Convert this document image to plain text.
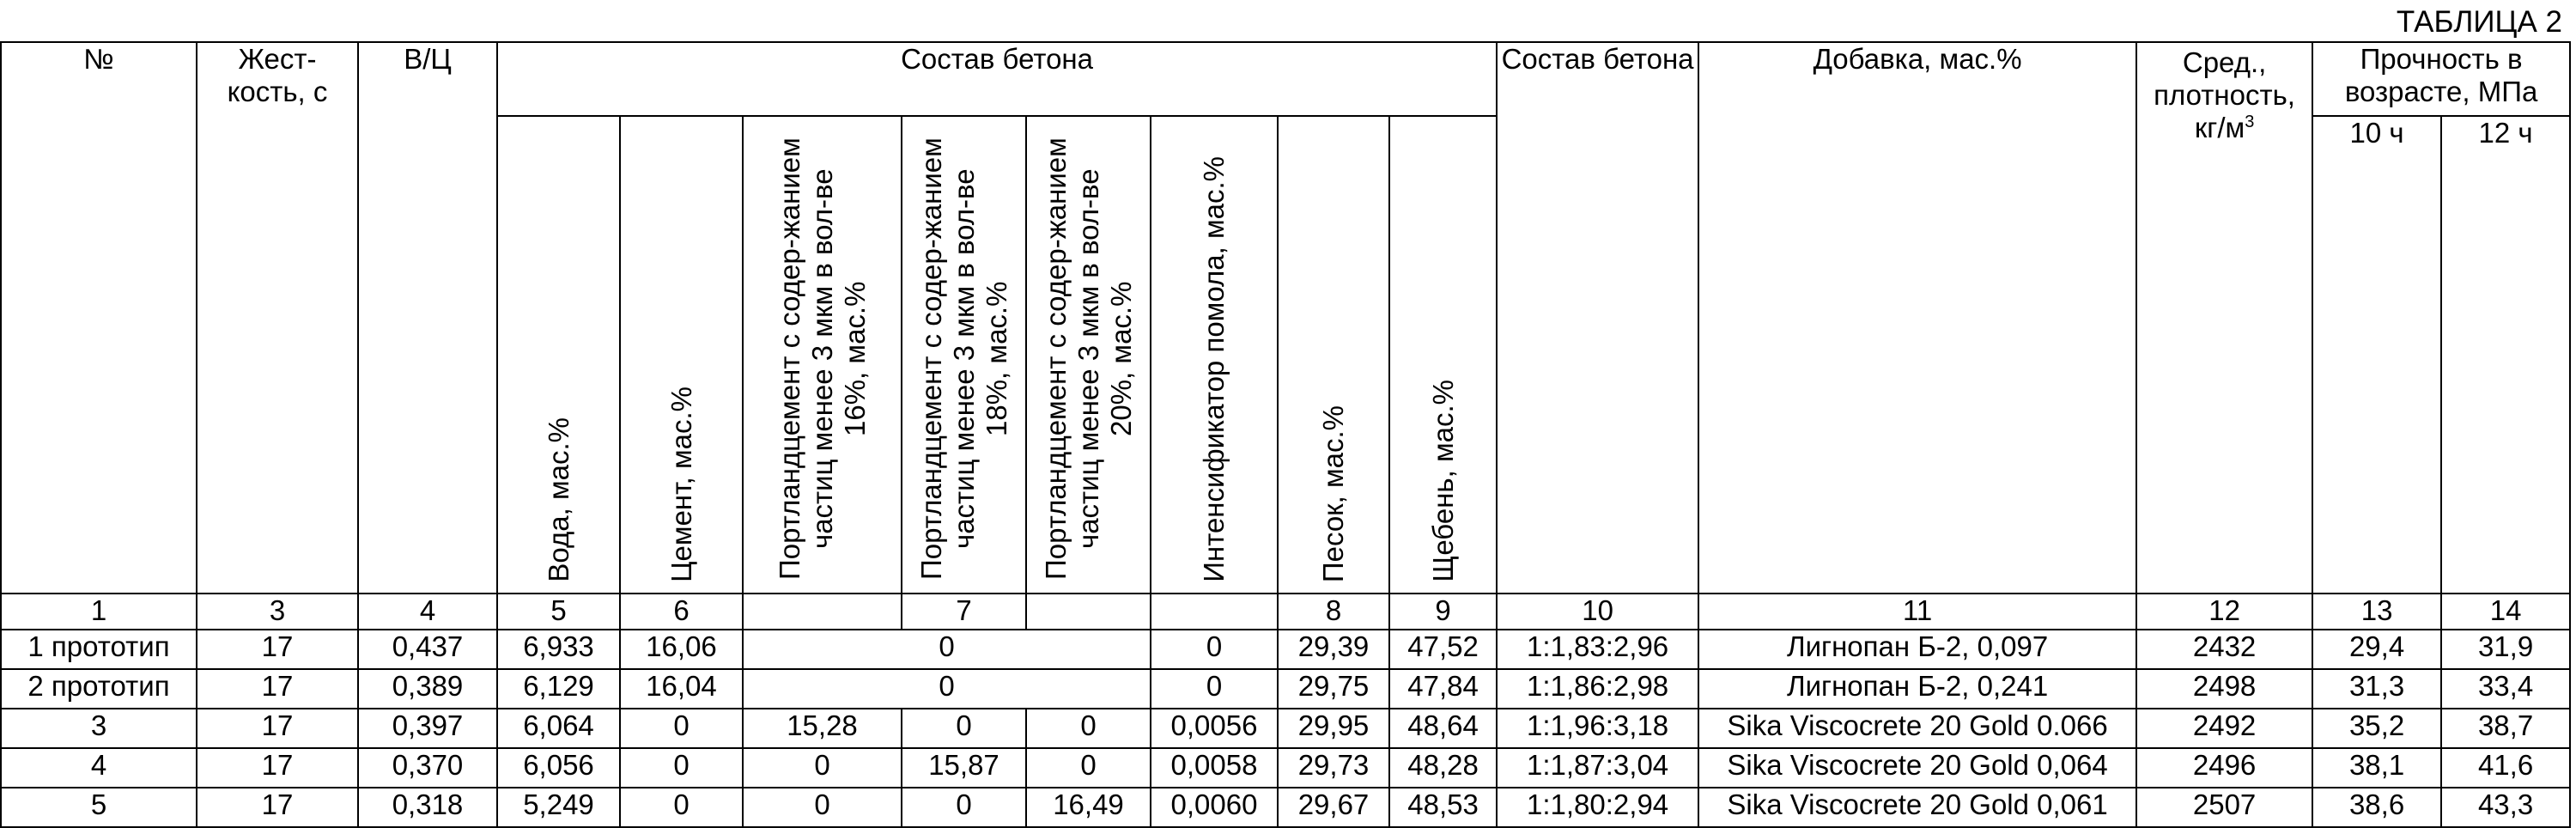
ТАБЛИЦА 2
№	Жест-кость, с	В/Ц	Состав бетона								Состав бетона	Добавка, мас.%	Сред., плотность, $кг/м^3$	Прочность в возрасте, МПа	

			Вода, мас.%	Цемент, мас.%	Портландцемент с содер-жанием частиц менее 3 мкм в вол-ве 16%, мас.%	Портландцемент с содер-жанием частиц менее 3 мкм в вол-ве 18%, мас.%	Портландцемент с содер-жанием частиц менее 3 мкм в вол-ве 20%, мас.%	Интенсификатор помола, мас.%	Песок, мас.%	Щебень, мас.%				10 ч	12 ч
1	3	4	5	6		7			8	9	10	11	12	13	14
1 прототип	17	0,437	6,933	16,06	0			0	29,39	47,52	1:1,83:2,96	Лигнопан Б-2, 0,097	2432	29,4	31,9
2 прототип	17	0,389	6,129	16,04	0			0	29,75	47,84	1:1,86:2,98	Лигнопан Б-2, 0,241	2498	31,3	33,4
3	17	0,397	6,064	0	15,28	0	0	0,0056	29,95	48,64	1:1,96:3,18	Sika Viscocrete 20 Gold 0.066	2492	35,2	38,7
4	17	0,370	6,056	0	0	15,87	0	0,0058	29,73	48,28	1:1,87:3,04	Sika Viscocrete 20 Gold 0,064	2496	38,1	41,6
5	17	0,318	5,249	0	0	0	16,49	0,0060	29,67	48,53	1:1,80:2,94	Sika Viscocrete 20 Gold 0,061	2507	38,6	43,3
